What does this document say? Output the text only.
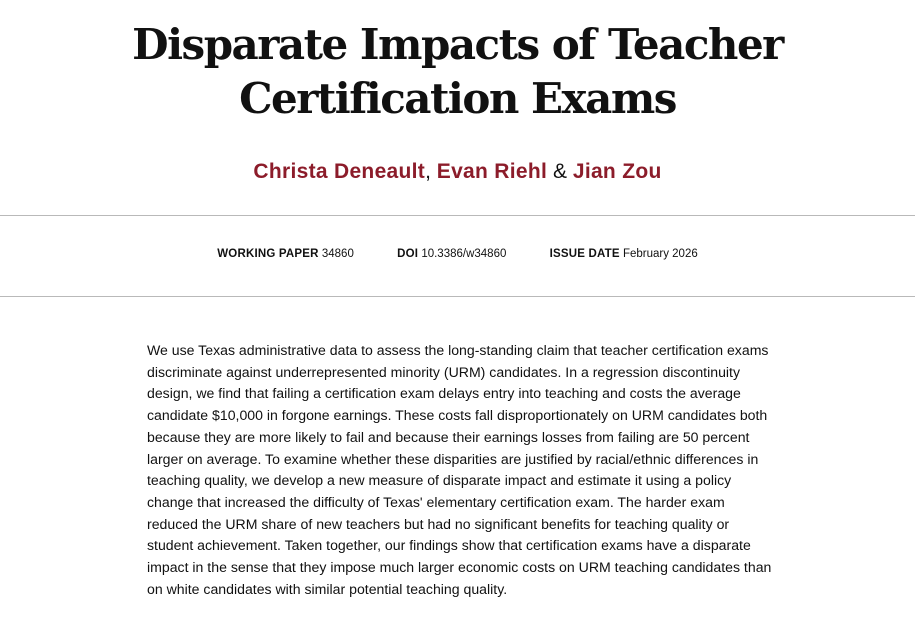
Disparate Impacts of Teacher Certification Exams
Christa Deneault, Evan Riehl & Jian Zou
WORKING PAPER 34860	DOI 10.3386/w34860	ISSUE DATE February 2026

We use Texas administrative data to assess the long-standing claim that teacher certification exams discriminate against underrepresented minority (URM) candidates. In a regression discontinuity design, we find that failing a certification exam delays entry into teaching and costs the average candidate $10,000 in forgone earnings. These costs fall disproportionately on URM candidates both because they are more likely to fail and because their earnings losses from failing are 50 percent larger on average. To examine whether these disparities are justified by racial/ethnic differences in teaching quality, we develop a new measure of disparate impact and estimate it using a policy change that increased the difficulty of Texas' elementary certification exam. The harder exam reduced the URM share of new teachers but had no significant benefits for teaching quality or student achievement. Taken together, our findings show that certification exams have a disparate impact in the sense that they impose much larger economic costs on URM teaching candidates than on white candidates with similar potential teaching quality.
